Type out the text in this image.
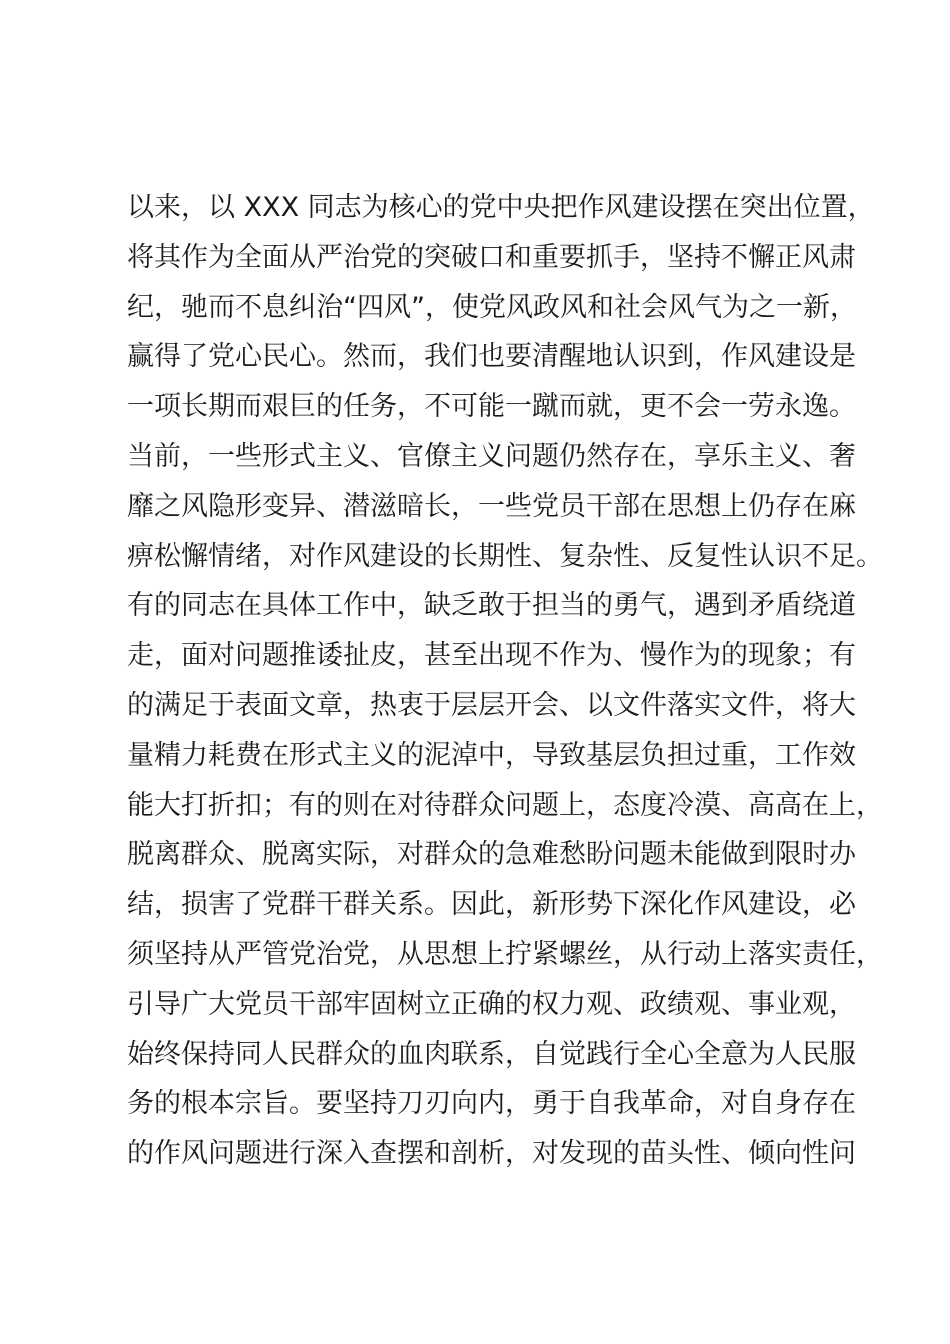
以来，以 XXX 同志为核心的党中央把作风建设摆在突出位置，
将其作为全面从严治党的突破口和重要抓手，坚持不懈正风肃
纪，驰而不息纠治“四风”，使党风政风和社会风气为之一新，
赢得了党心民心。然而，我们也要清醒地认识到，作风建设是
一项长期而艰巨的任务，不可能一蹴而就，更不会一劳永逸。
当前，一些形式主义、官僚主义问题仍然存在，享乐主义、奢
靡之风隐形变异、潜滋暗长，一些党员干部在思想上仍存在麻
痹松懈情绪，对作风建设的长期性、复杂性、反复性认识不足。
有的同志在具体工作中，缺乏敢于担当的勇气，遇到矛盾绕道
走，面对问题推诿扯皮，甚至出现不作为、慢作为的现象；有
的满足于表面文章，热衷于层层开会、以文件落实文件，将大
量精力耗费在形式主义的泥淖中，导致基层负担过重，工作效
能大打折扣；有的则在对待群众问题上，态度冷漠、高高在上，
脱离群众、脱离实际，对群众的急难愁盼问题未能做到限时办
结，损害了党群干群关系。因此，新形势下深化作风建设，必
须坚持从严管党治党，从思想上拧紧螺丝，从行动上落实责任，
引导广大党员干部牢固树立正确的权力观、政绩观、事业观，
始终保持同人民群众的血肉联系，自觉践行全心全意为人民服
务的根本宗旨。要坚持刀刃向内，勇于自我革命，对自身存在
的作风问题进行深入查摆和剖析，对发现的苗头性、倾向性问
